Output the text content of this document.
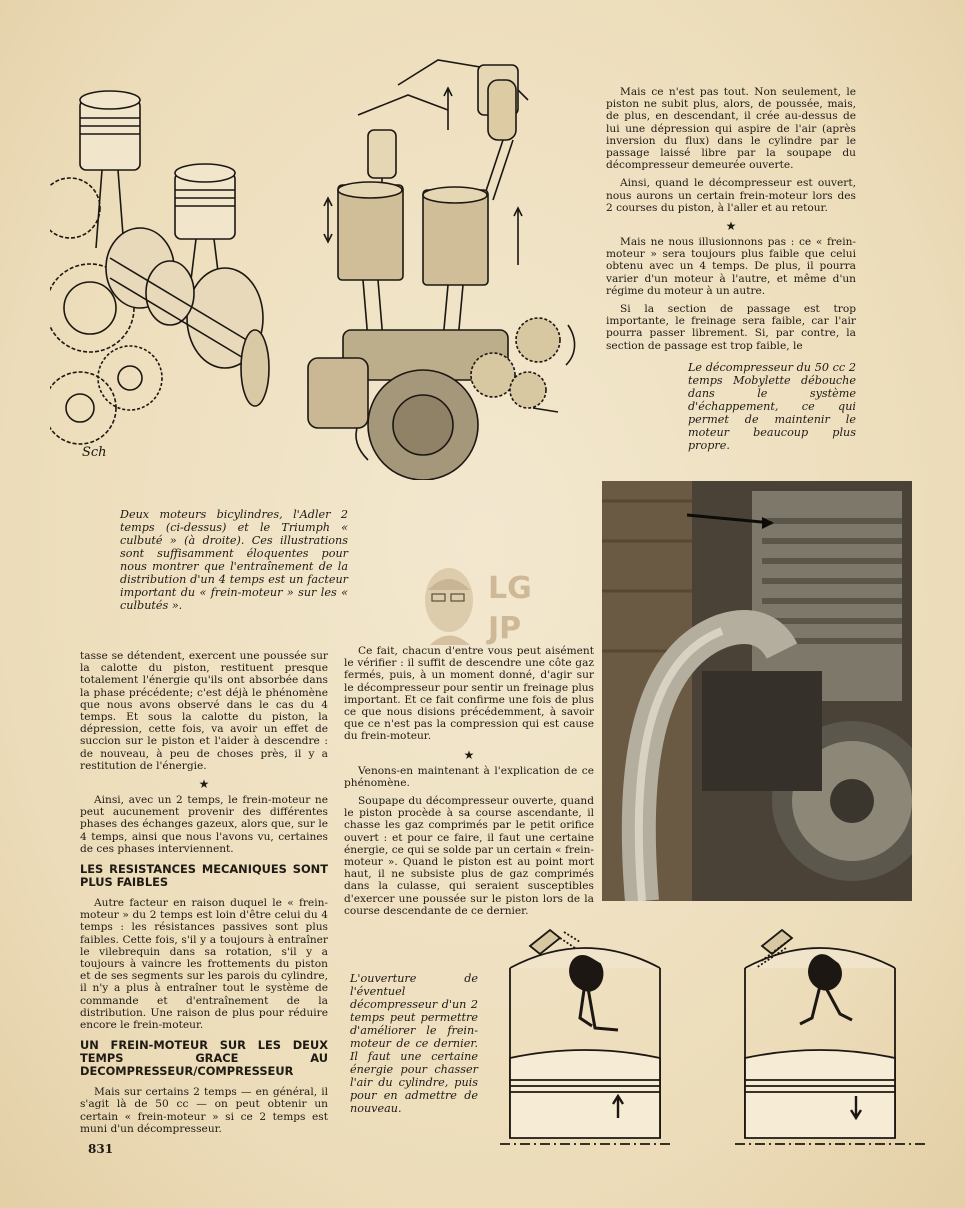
Sch

Mais ce n'est pas tout. Non seulement, le piston ne subit plus, alors, de poussée, mais, de plus, en descendant, il crée au-dessus de lui une dépression qui aspire de l'air (après inversion du flux) dans le cylindre par le passage laissé libre par la soupape du décompresseur demeurée ouverte.

Ainsi, quand le décompresseur est ouvert, nous aurons un certain frein-moteur lors des 2 courses du piston, à l'aller et au retour.

★

Mais ne nous illusionnons pas : ce « frein-moteur » sera toujours plus faible que celui obtenu avec un 4 temps. De plus, il pourra varier d'un moteur à l'autre, et même d'un régime du moteur à un autre.

Si la section de passage est trop importante, le freinage sera faible, car l'air pourra passer librement. Si, par contre, la section de passage est trop faible, le

Le décompresseur du 50 cc 2 temps Mobylette débouche dans le système d'échappement, ce qui permet de maintenir le moteur beaucoup plus propre.
Deux moteurs bicylindres, l'Adler 2 temps (ci-dessus) et le Triumph « culbuté » (à droite). Ces illustrations sont suffisamment éloquentes pour nous montrer que l'entraînement de la distribution d'un 4 temps est un facteur important du « frein-moteur » sur les « culbutés ».	LG
JP

tasse se détendent, exercent une poussée sur la calotte du piston, restituent presque totalement l'énergie qu'ils ont absorbée dans la phase précédente; c'est déjà le phénomène que nous avons observé dans le cas du 4 temps. Et sous la calotte du piston, la dépression, cette fois, va avoir un effet de succion sur le piston et l'aider à descendre : de nouveau, à peu de choses près, il y a restitution de l'énergie.

★

Ainsi, avec un 2 temps, le frein-moteur ne peut aucunement provenir des différentes phases des échanges gazeux, alors que, sur le 4 temps, ainsi que nous l'avons vu, certaines de ces phases interviennent.

LES RESISTANCES MECANIQUES SONT PLUS FAIBLES

Autre facteur en raison duquel le « frein-moteur » du 2 temps est loin d'être celui du 4 temps : les résistances passives sont plus faibles. Cette fois, s'il y a toujours à entraîner le vilebrequin dans sa rotation, s'il y a toujours à vaincre les frottements du piston et de ses segments sur les parois du cylindre, il n'y a plus à entraîner tout le système de commande et d'entraînement de la distribution. Une raison de plus pour réduire encore le frein-moteur.

UN FREIN-MOTEUR SUR LES DEUX TEMPS GRACE AU DECOMPRESSEUR/COMPRESSEUR

Mais sur certains 2 temps — en général, il s'agit là de 50 cc — on peut obtenir un certain « frein-moteur » si ce 2 temps est muni d'un décompresseur.

Ce fait, chacun d'entre vous peut aisément le vérifier : il suffit de descendre une côte gaz fermés, puis, à un moment donné, d'agir sur le décompresseur pour sentir un freinage plus important. Et ce fait confirme une fois de plus ce que nous disions précédemment, à savoir que ce n'est pas la compression qui est cause du frein-moteur.

★

Venons-en maintenant à l'explication de ce phénomène.

Soupape du décompresseur ouverte, quand le piston procède à sa course ascendante, il chasse les gaz comprimés par le petit orifice ouvert : et pour ce faire, il faut une certaine énergie, ce qui se solde par un certain « frein-moteur ». Quand le piston est au point mort haut, il ne subsiste plus de gaz comprimés dans la culasse, qui seraient susceptibles d'exercer une poussée sur le piston lors de la course descendante de ce dernier.

L'ouverture de l'éventuel décompresseur d'un 2 temps peut permettre d'améliorer le frein-moteur de ce dernier. Il faut une certaine énergie pour chasser l'air du cylindre, puis pour en admettre de nouveau.
831
